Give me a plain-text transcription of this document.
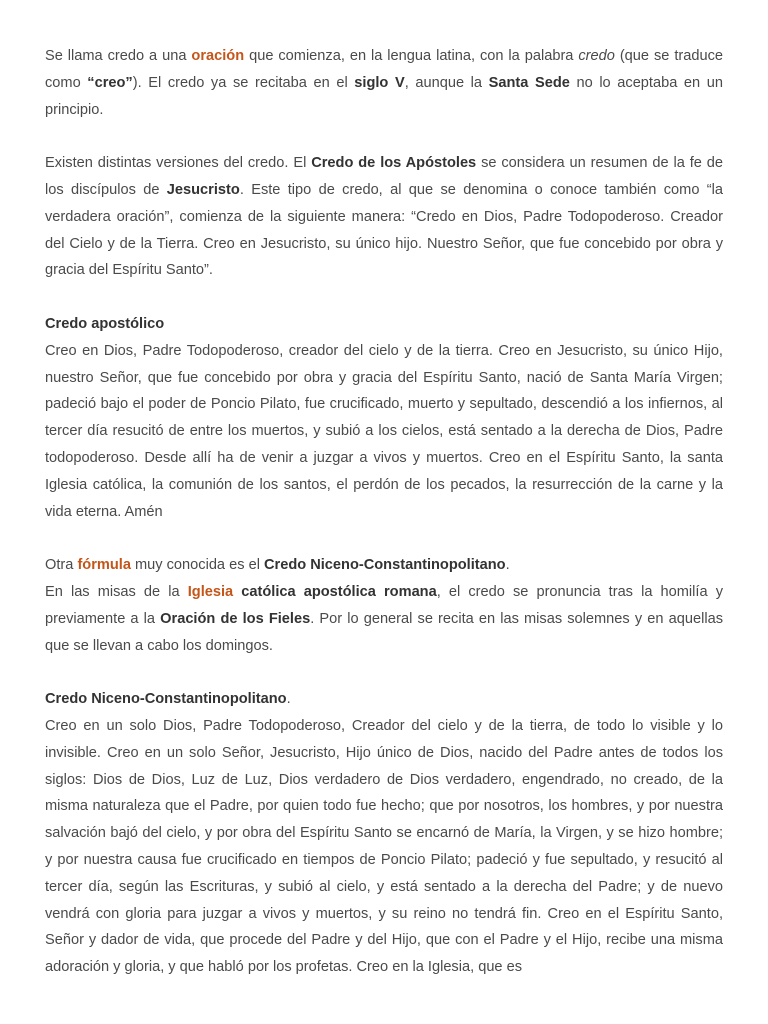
Se llama credo a una oración que comienza, en la lengua latina, con la palabra credo (que se traduce como “creo”). El credo ya se recitaba en el siglo V, aunque la Santa Sede no lo aceptaba en un principio.

Existen distintas versiones del credo. El Credo de los Apóstoles se considera un resumen de la fe de los discípulos de Jesucristo. Este tipo de credo, al que se denomina o conoce también como “la verdadera oración”, comienza de la siguiente manera: “Credo en Dios, Padre Todopoderoso. Creador del Cielo y de la Tierra. Creo en Jesucristo, su único hijo. Nuestro Señor, que fue concebido por obra y gracia del Espíritu Santo”.

Credo apostólico
Creo en Dios, Padre Todopoderoso, creador del cielo y de la tierra. Creo en Jesucristo, su único Hijo, nuestro Señor, que fue concebido por obra y gracia del Espíritu Santo, nació de Santa María Virgen; padeció bajo el poder de Poncio Pilato, fue crucificado, muerto y sepultado, descendió a los infiernos, al tercer día resucitó de entre los muertos, y subió a los cielos, está sentado a la derecha de Dios, Padre todopoderoso. Desde allí ha de venir a juzgar a vivos y muertos. Creo en el Espíritu Santo, la santa Iglesia católica, la comunión de los santos, el perdón de los pecados, la resurrección de la carne y la vida eterna. Amén

Otra fórmula muy conocida es el Credo Niceno-Constantinopolitano.

En las misas de la Iglesia católica apostólica romana, el credo se pronuncia tras la homilía y previamente a la Oración de los Fieles. Por lo general se recita en las misas solemnes y en aquellas que se llevan a cabo los domingos.

Credo Niceno-Constantinopolitano.
Creo en un solo Dios, Padre Todopoderoso, Creador del cielo y de la tierra, de todo lo visible y lo invisible. Creo en un solo Señor, Jesucristo, Hijo único de Dios, nacido del Padre antes de todos los siglos: Dios de Dios, Luz de Luz, Dios verdadero de Dios verdadero, engendrado, no creado, de la misma naturaleza que el Padre, por quien todo fue hecho; que por nosotros, los hombres, y por nuestra salvación bajó del cielo, y por obra del Espíritu Santo se encarnó de María, la Virgen, y se hizo hombre; y por nuestra causa fue crucificado en tiempos de Poncio Pilato; padeció y fue sepultado, y resucitó al tercer día, según las Escrituras, y subió al cielo, y está sentado a la derecha del Padre; y de nuevo vendrá con gloria para juzgar a vivos y muertos, y su reino no tendrá fin. Creo en el Espíritu Santo, Señor y dador de vida, que procede del Padre y del Hijo, que con el Padre y el Hijo, recibe una misma adoración y gloria, y que habló por los profetas. Creo en la Iglesia, que es
